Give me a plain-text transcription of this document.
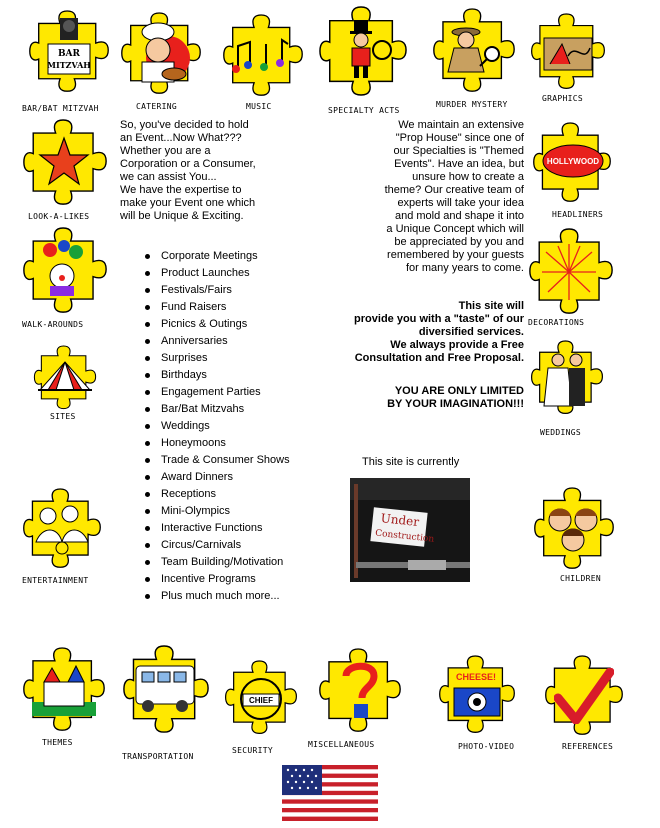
BAR
MITZVAH
BAR/BAT MITZVAH	CATERING	MUSIC	SPECIALTY ACTS
MURDER MYSTERY
GRAPHICS
LOOK-A-LIKES
WALK-AROUNDS
SITES
ENTERTAINMENT
HOLLYWOOD
HEADLINERS
DECORATIONS
WEDDINGS
CHILDREN
THEMES
TRANSPORTATION
CHIEF
SECURITY
MISCELLANEOUS
CHEESE!
PHOTO-VIDEO	REFERENCES
So, you've decided to hold
an Event...Now What???
Whether you are a
Corporation or a Consumer,
we can assist You...
We have the expertise to
make your Event one which
will be Unique & Exciting.
Corporate Meetings
Product Launches
Festivals/Fairs
Fund Raisers
Picnics & Outings
Anniversaries
Surprises
Birthdays
Engagement Parties
Bar/Bat Mitzvahs
Weddings
Honeymoons
Trade & Consumer Shows
Award Dinners
Receptions
Mini-Olympics
Interactive Functions
Circus/Carnivals
Team Building/Motivation
Incentive Programs
Plus much much more...
We maintain an extensive
"Prop House" since one of
our Specialties is "Themed
Events". Have an idea, but
unsure how to create a
theme? Our creative team of
experts will take your idea
and mold and shape it into
a Unique Concept which will
be appreciated by you and
remembered by your guests
for many years to come.
This site will
provide you with a "taste" of our
diversified services.
We always provide a Free
Consultation and Free Proposal.
YOU ARE ONLY LIMITED
BY YOUR IMAGINATION!!!
This site is currently
Under
Construction
